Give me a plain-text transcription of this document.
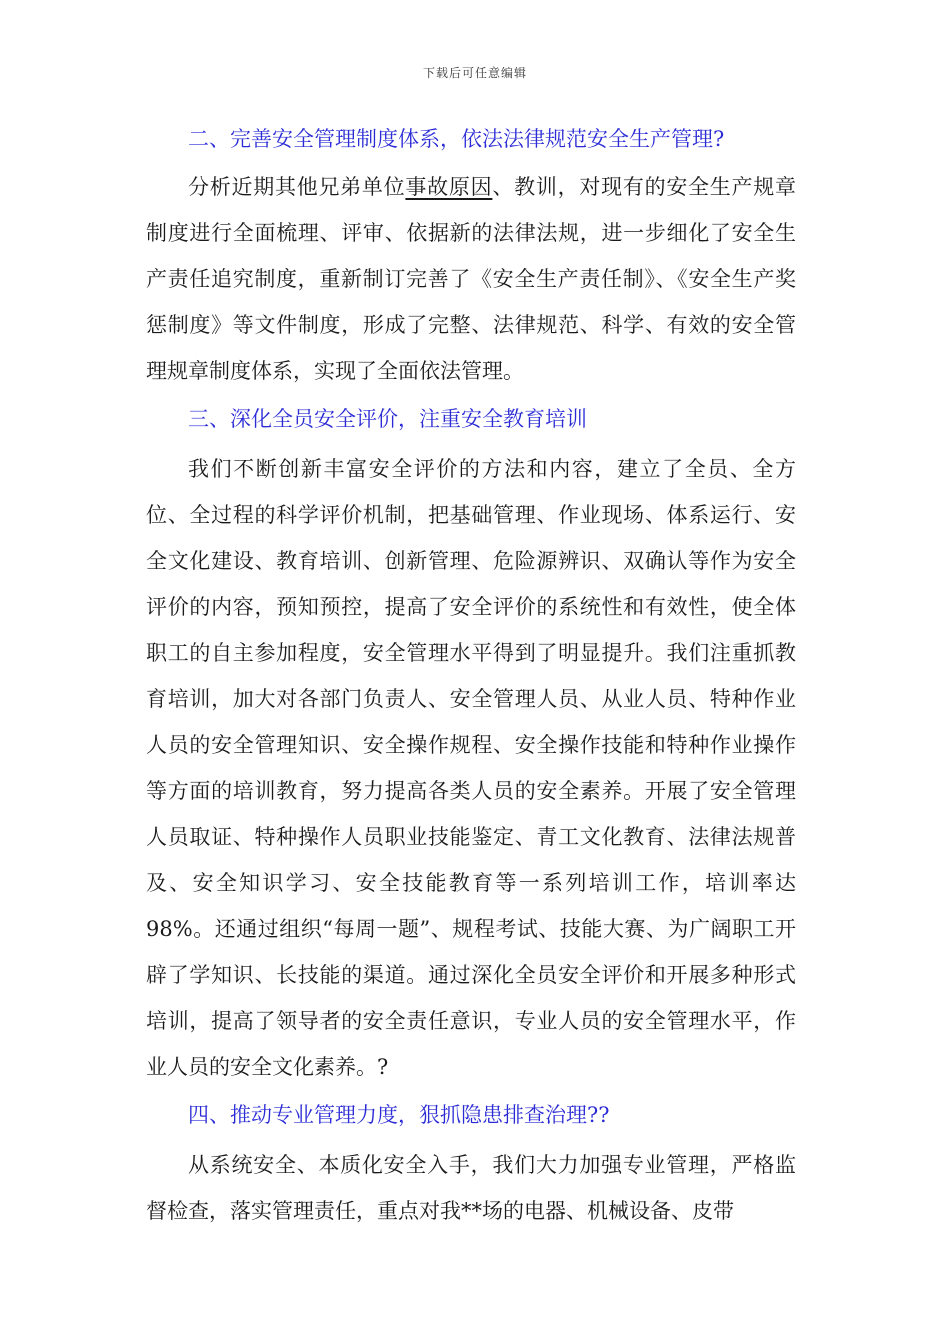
下载后可任意编辑

二、完善安全管理制度体系，依法法律规范安全生产管理?

分析近期其他兄弟单位事故原因、教训，对现有的安全生产规章制度进行全面梳理、评审、依据新的法律法规，进一步细化了安全生产责任追究制度，重新制订完善了《安全生产责任制》、《安全生产奖惩制度》等文件制度，形成了完整、法律规范、科学、有效的安全管理规章制度体系，实现了全面依法管理。

三、深化全员安全评价，注重安全教育培训

我们不断创新丰富安全评价的方法和内容，建立了全员、全方位、全过程的科学评价机制，把基础管理、作业现场、体系运行、安全文化建设、教育培训、创新管理、危险源辨识、双确认等作为安全评价的内容，预知预控，提高了安全评价的系统性和有效性，使全体职工的自主参加程度，安全管理水平得到了明显提升。我们注重抓教育培训，加大对各部门负责人、安全管理人员、从业人员、特种作业人员的安全管理知识、安全操作规程、安全操作技能和特种作业操作等方面的培训教育，努力提高各类人员的安全素养。开展了安全管理人员取证、特种操作人员职业技能鉴定、青工文化教育、法律法规普及、安全知识学习、安全技能教育等一系列培训工作，培训率达98%。还通过组织“每周一题”、规程考试、技能大赛、为广阔职工开辟了学知识、长技能的渠道。通过深化全员安全评价和开展多种形式培训，提高了领导者的安全责任意识，专业人员的安全管理水平，作业人员的安全文化素养。?

四、推动专业管理力度，狠抓隐患排查治理??

从系统安全、本质化安全入手，我们大力加强专业管理，严格监督检查，落实管理责任，重点对我**场的电器、机械设备、皮带
